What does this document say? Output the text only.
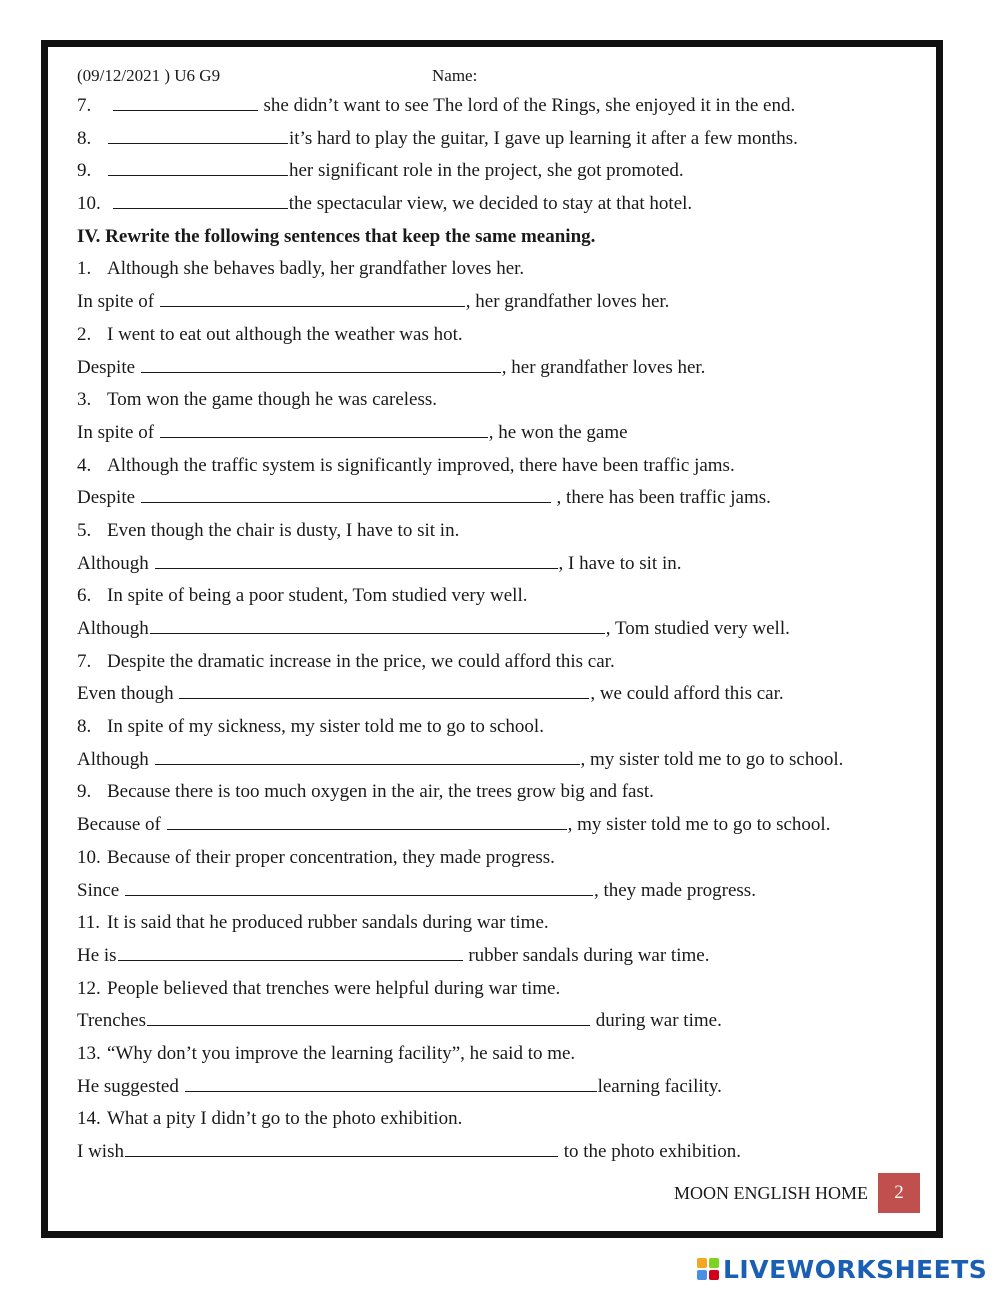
(09/12/2021 ) U6 G9	Name:
7.	she didn’t want to see The lord of the Rings, she enjoyed it in the end.
8.	it’s hard to play the guitar, I gave up learning it after a few months.
9.	her significant role in the project, she got promoted.
10.	the spectacular view, we decided to stay at that hotel.
IV. Rewrite the following sentences that keep the same meaning.
1. Although she behaves badly, her grandfather loves her.
In spite of	, her grandfather loves her.
2. I went to eat out although the weather was hot.
Despite	, her grandfather loves her.
3. Tom won the game though he was careless.
In spite of	, he won the game
4. Although the traffic system is significantly improved, there have been traffic jams.
Despite	, there has been traffic jams.
5. Even though the chair is dusty, I have to sit in.
Although	, I have to sit in.
6. In spite of being a poor student, Tom studied very well.
Although	, Tom studied very well.
7. Despite the dramatic increase in the price, we could afford this car.
Even though	, we could afford this car.
8. In spite of my sickness, my sister told me to go to school.
Although	, my sister told me to go to school.
9. Because there is too much oxygen in the air, the trees grow big and fast.
Because of	, my sister told me to go to school.
10. Because of their proper concentration, they made progress.
Since	, they made progress.
11. It is said that he produced rubber sandals during war time.
He is	rubber sandals during war time.
12. People believed that trenches were helpful during war time.
Trenches	during war time.
13. “Why don’t you improve the learning facility”, he said to me.
He suggested	learning facility.
14. What a pity I didn’t go to the photo exhibition.
I wish	to the photo exhibition.
MOON ENGLISH HOME	2
LIVEWORKSHEETS
